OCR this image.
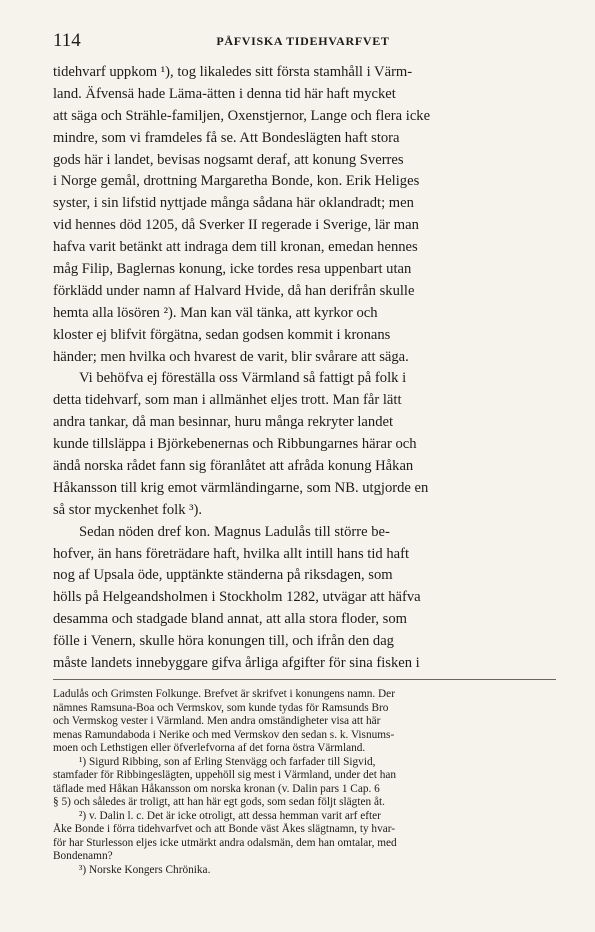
114	PÅFVISKA TIDEHVARFVET
tidehvarf uppkom ¹), tog likaledes sitt första stamhåll i Värm-
land. Äfvensä hade Läma-ätten i denna tid här haft mycket
att säga och Strähle-familjen, Oxenstjernor, Lange och flera icke
mindre, som vi framdeles få se. Att Bondeslägten haft stora
gods här i landet, bevisas nogsamt deraf, att konung Sverres
i Norge gemål, drottning Margaretha Bonde, kon. Erik Heliges
syster, i sin lifstid nyttjade många sådana här oklandradt; men
vid hennes död 1205, då Sverker II regerade i Sverige, lär man
hafva varit betänkt att indraga dem till kronan, emedan hennes
måg Filip, Baglernas konung, icke tordes resa uppenbart utan
förklädd under namn af Halvard Hvide, då han derifrån skulle
hemta alla lösören ²). Man kan väl tänka, att kyrkor och
kloster ej blifvit förgätna, sedan godsen kommit i kronans
händer; men hvilka och hvarest de varit, blir svårare att säga.
Vi behöfva ej föreställa oss Värmland så fattigt på folk i
detta tidehvarf, som man i allmänhet eljes trott. Man får lätt
andra tankar, då man besinnar, huru många rekryter landet
kunde tillsläppa i Björkebenernas och Ribbungarnes härar och
ändå norska rådet fann sig föranlåtet att afråda konung Håkan
Håkansson till krig emot värmländingarne, som NB. utgjorde en
så stor myckenhet folk ³).
Sedan nöden dref kon. Magnus Ladulås till större be-
hofver, än hans företrädare haft, hvilka allt intill hans tid haft
nog af Upsala öde, upptänkte ständerna på riksdagen, som
hölls på Helgeandsholmen i Stockholm 1282, utvägar att häfva
desamma och stadgade bland annat, att alla stora floder, som
fölle i Venern, skulle höra konungen till, och ifrån den dag
måste landets innebyggare gifva årliga afgifter för sina fisken i
Ladulås och Grimsten Folkunge. Brefvet är skrifvet i konungens namn. Der
nämnes Ramsuna-Boa och Vermskov, som kunde tydas för Ramsunds Bro
och Vermskog vester i Värmland. Men andra omständigheter visa att här
menas Ramundaboda i Nerike och med Vermskov den sedan s. k. Visnums-
moen och Lethstigen eller öfverlefvorna af det forna östra Värmland.
¹) Sigurd Ribbing, son af Erling Stenvägg och farfader till Sigvid,
stamfader för Ribbingeslägten, uppehöll sig mest i Värmland, under det han
täflade med Håkan Håkansson om norska kronan (v. Dalin pars 1 Cap. 6
§ 5) och således är troligt, att han här egt gods, som sedan följt slägten åt.
²) v. Dalin l. c. Det är icke otroligt, att dessa hemman varit arf efter
Åke Bonde i förra tidehvarfvet och att Bonde väst Åkes slägtnamn, ty hvar-
för har Sturlesson eljes icke utmärkt andra odalsmän, dem han omtalar, med
Bondenamn?
³) Norske Kongers Chrönika.
